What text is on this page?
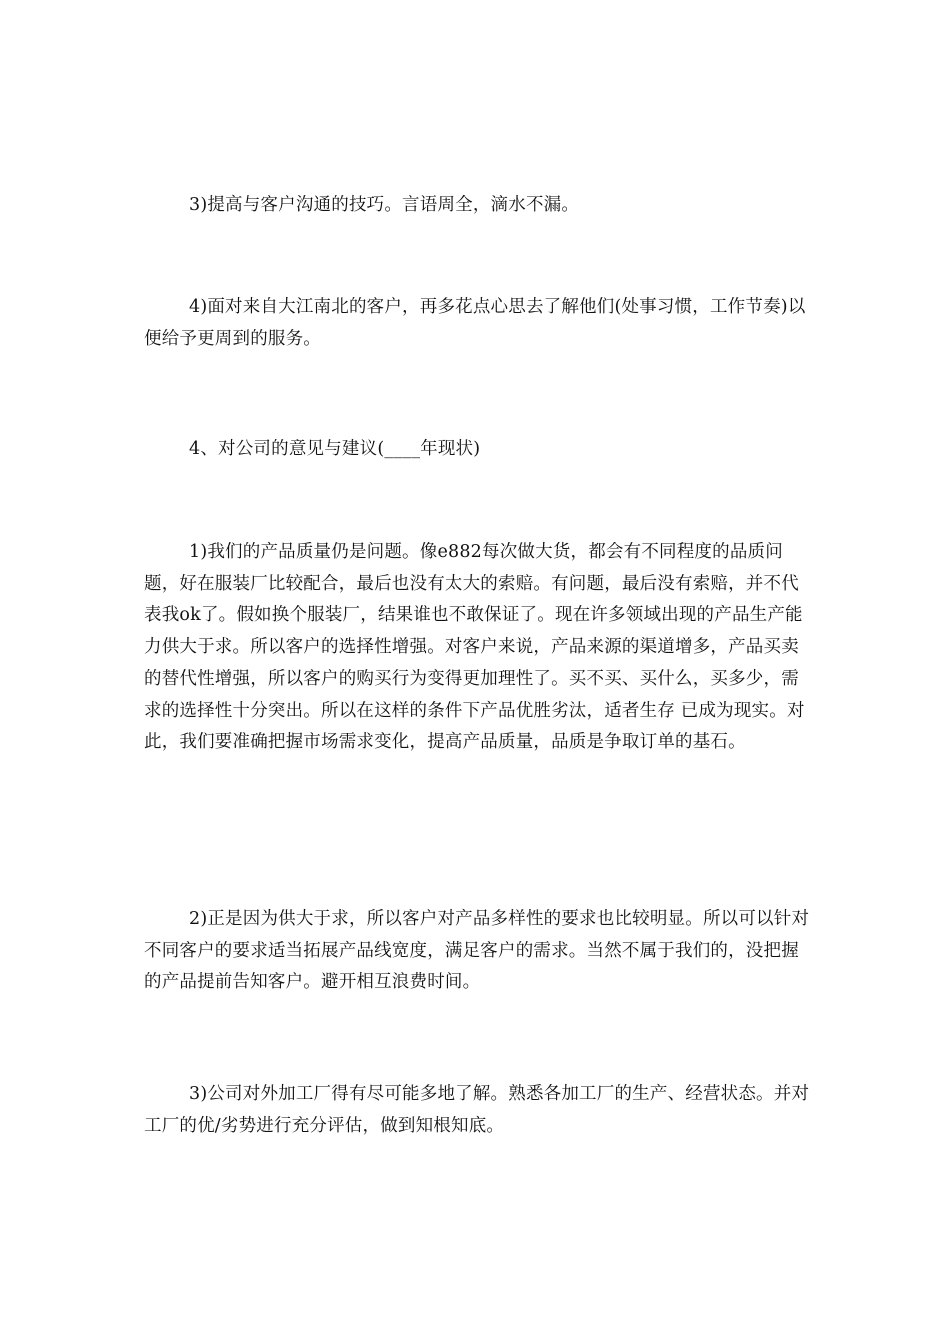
3)提高与客户沟通的技巧。言语周全，滴水不漏。

4)面对来自大江南北的客户，再多花点心思去了解他们(处事习惯，工作节奏)以便给予更周到的服务。

4、对公司的意见与建议(____年现状)

1)我们的产品质量仍是问题。像e882每次做大货，都会有不同程度的品质问题，好在服装厂比较配合，最后也没有太大的索赔。有问题，最后没有索赔，并不代表我ok了。假如换个服装厂，结果谁也不敢保证了。现在许多领域出现的产品生产能力供大于求。所以客户的选择性增强。对客户来说，产品来源的渠道增多，产品买卖的替代性增强，所以客户的购买行为变得更加理性了。买不买、买什么，买多少，需求的选择性十分突出。所以在这样的条件下产品优胜劣汰，适者生存 已成为现实。对此，我们要准确把握市场需求变化，提高产品质量，品质是争取订单的基石。

2)正是因为供大于求，所以客户对产品多样性的要求也比较明显。所以可以针对不同客户的要求适当拓展产品线宽度，满足客户的需求。当然不属于我们的，没把握的产品提前告知客户。避开相互浪费时间。

3)公司对外加工厂得有尽可能多地了解。熟悉各加工厂的生产、经营状态。并对工厂的优/劣势进行充分评估，做到知根知底。
